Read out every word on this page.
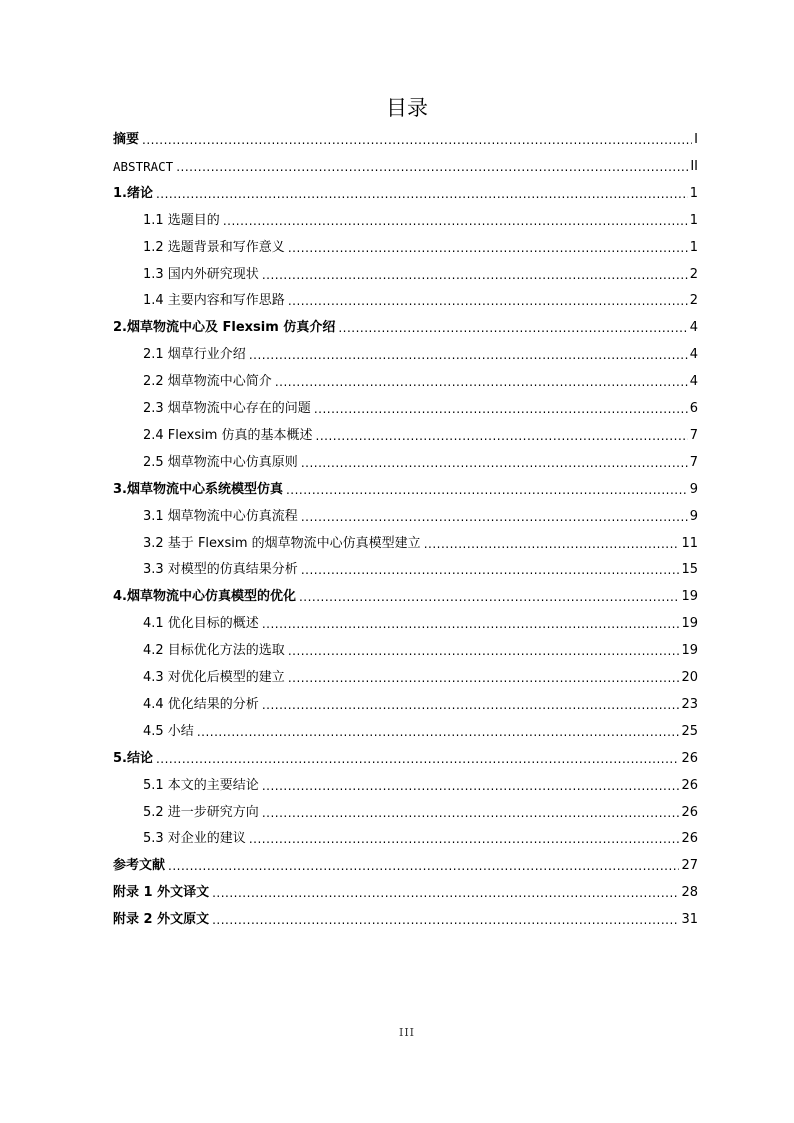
目录
摘要 .....	I
ABSTRACT .....	II
1.绪论 .....	1
1.1 选题目的 .....	1
1.2 选题背景和写作意义 .....	1
1.3 国内外研究现状 .....	2
1.4 主要内容和写作思路 .....	2
2.烟草物流中心及 Flexsim 仿真介绍 .....	4
2.1 烟草行业介绍 .....	4
2.2 烟草物流中心简介 .....	4
2.3 烟草物流中心存在的问题 .....	6
2.4 Flexsim 仿真的基本概述 .....	7
2.5 烟草物流中心仿真原则 .....	7
3.烟草物流中心系统模型仿真 .....	9
3.1 烟草物流中心仿真流程 .....	9
3.2 基于 Flexsim 的烟草物流中心仿真模型建立 .....	11
3.3 对模型的仿真结果分析 .....	15
4.烟草物流中心仿真模型的优化 .....	19
4.1 优化目标的概述 .....	19
4.2 目标优化方法的选取 .....	19
4.3 对优化后模型的建立 .....	20
4.4 优化结果的分析 .....	23
4.5 小结 .....	25
5.结论 .....	26
5.1 本文的主要结论 .....	26
5.2 进一步研究方向 .....	26
5.3 对企业的建议 .....	26
参考文献 .....	27
附录 1 外文译文 .....	28
附录 2 外文原文 .....	31
III
